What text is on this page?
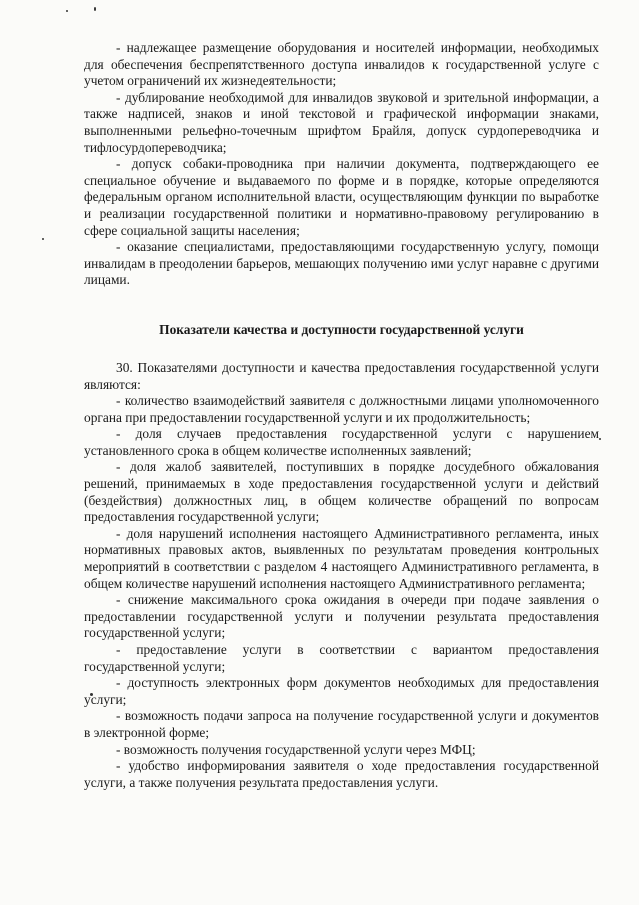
- надлежащее размещение оборудования и носителей информации, необходимых для обеспечения беспрепятственного доступа инвалидов к государственной услуге с учетом ограничений их жизнедеятельности;

- дублирование необходимой для инвалидов звуковой и зрительной информации, а также надписей, знаков и иной текстовой и графической информации знаками, выполненными рельефно-точечным шрифтом Брайля, допуск сурдопереводчика и тифлосурдопереводчика;

- допуск собаки-проводника при наличии документа, подтверждающего ее специальное обучение и выдаваемого по форме и в порядке, которые определяются федеральным органом исполнительной власти, осуществляющим функции по выработке и реализации государственной политики и нормативно-правовому регулированию в сфере социальной защиты населения;

- оказание специалистами, предоставляющими государственную услугу, помощи инвалидам в преодолении барьеров, мешающих получению ими услуг наравне с другими лицами.

Показатели качества и доступности государственной услуги

30. Показателями доступности и качества предоставления государственной услуги являются:

- количество взаимодействий заявителя с должностными лицами уполномоченного органа при предоставлении государственной услуги и их продолжительность;

- доля случаев предоставления государственной услуги с нарушением установленного срока в общем количестве исполненных заявлений;

- доля жалоб заявителей, поступивших в порядке досудебного обжалования решений, принимаемых в ходе предоставления государственной услуги и действий (бездействия) должностных лиц, в общем количестве обращений по вопросам предоставления государственной услуги;

- доля нарушений исполнения настоящего Административного регламента, иных нормативных правовых актов, выявленных по результатам проведения контрольных мероприятий в соответствии с разделом 4 настоящего Административного регламента, в общем количестве нарушений исполнения настоящего Административного регламента;

- снижение максимального срока ожидания в очереди при подаче заявления о предоставлении государственной услуги и получении результата предоставления государственной услуги;

- предоставление услуги в соответствии с вариантом предоставления государственной услуги;

- доступность электронных форм документов необходимых для предоставления услуги;

- возможность подачи запроса на получение государственной услуги и документов в электронной форме;

- возможность получения государственной услуги через МФЦ;

- удобство информирования заявителя о ходе предоставления государственной услуги, а также получения результата предоставления услуги.
